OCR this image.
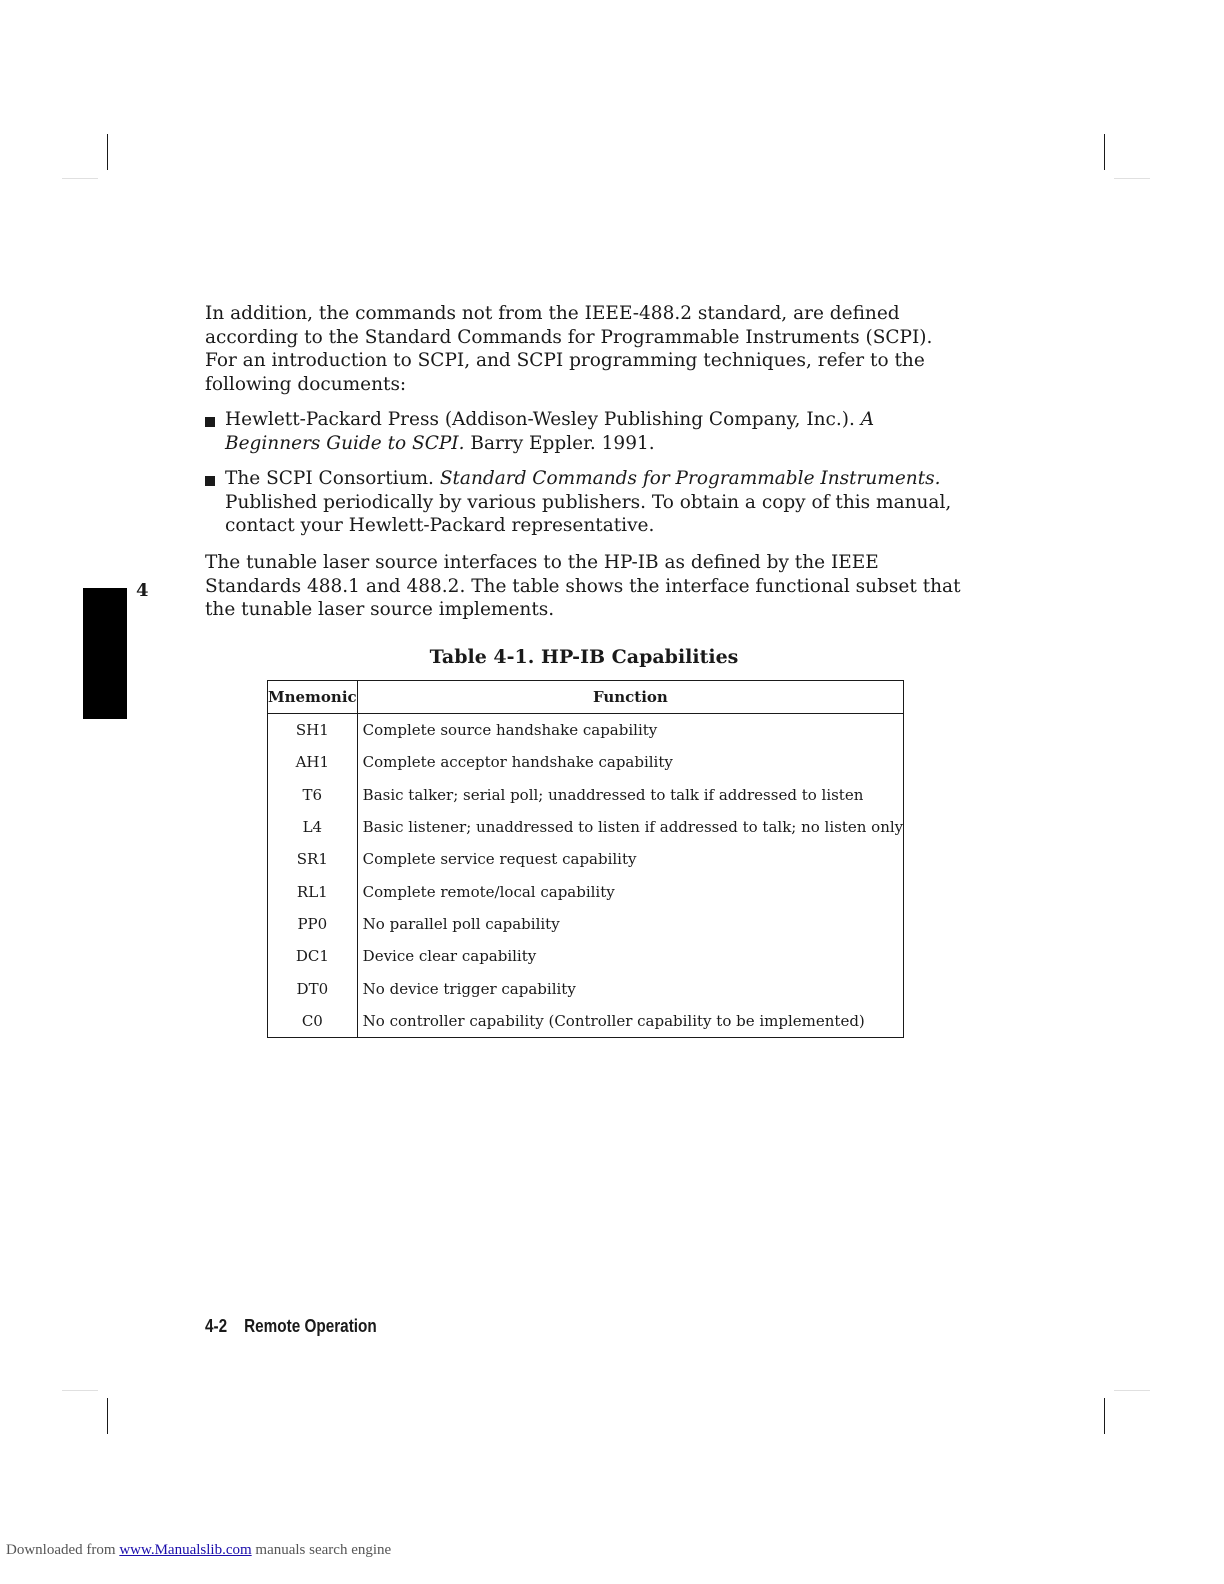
In addition, the commands not from the IEEE-488.2 standard, are defined according to the Standard Commands for Programmable Instruments (SCPI). For an introduction to SCPI, and SCPI programming techniques, refer to the following documents:

Hewlett-Packard Press (Addison-Wesley Publishing Company, Inc.). A Beginners Guide to SCPI. Barry Eppler. 1991.
The SCPI Consortium. Standard Commands for Programmable Instruments. Published periodically by various publishers. To obtain a copy of this manual, contact your Hewlett-Packard representative.

The tunable laser source interfaces to the HP-IB as defined by the IEEE Standards 488.1 and 488.2. The table shows the interface functional subset that the tunable laser source implements.

4
Table 4-1. HP-IB Capabilities
Mnemonic	Function
SH1	Complete source handshake capability
AH1	Complete acceptor handshake capability
T6	Basic talker; serial poll; unaddressed to talk if addressed to listen
L4	Basic listener; unaddressed to listen if addressed to talk; no listen only
SR1	Complete service request capability
RL1	Complete remote/local capability
PP0	No parallel poll capability
DC1	Device clear capability
DT0	No device trigger capability
C0	No controller capability (Controller capability to be implemented)
4-2 Remote Operation
Downloaded from www.Manualslib.com manuals search engine
